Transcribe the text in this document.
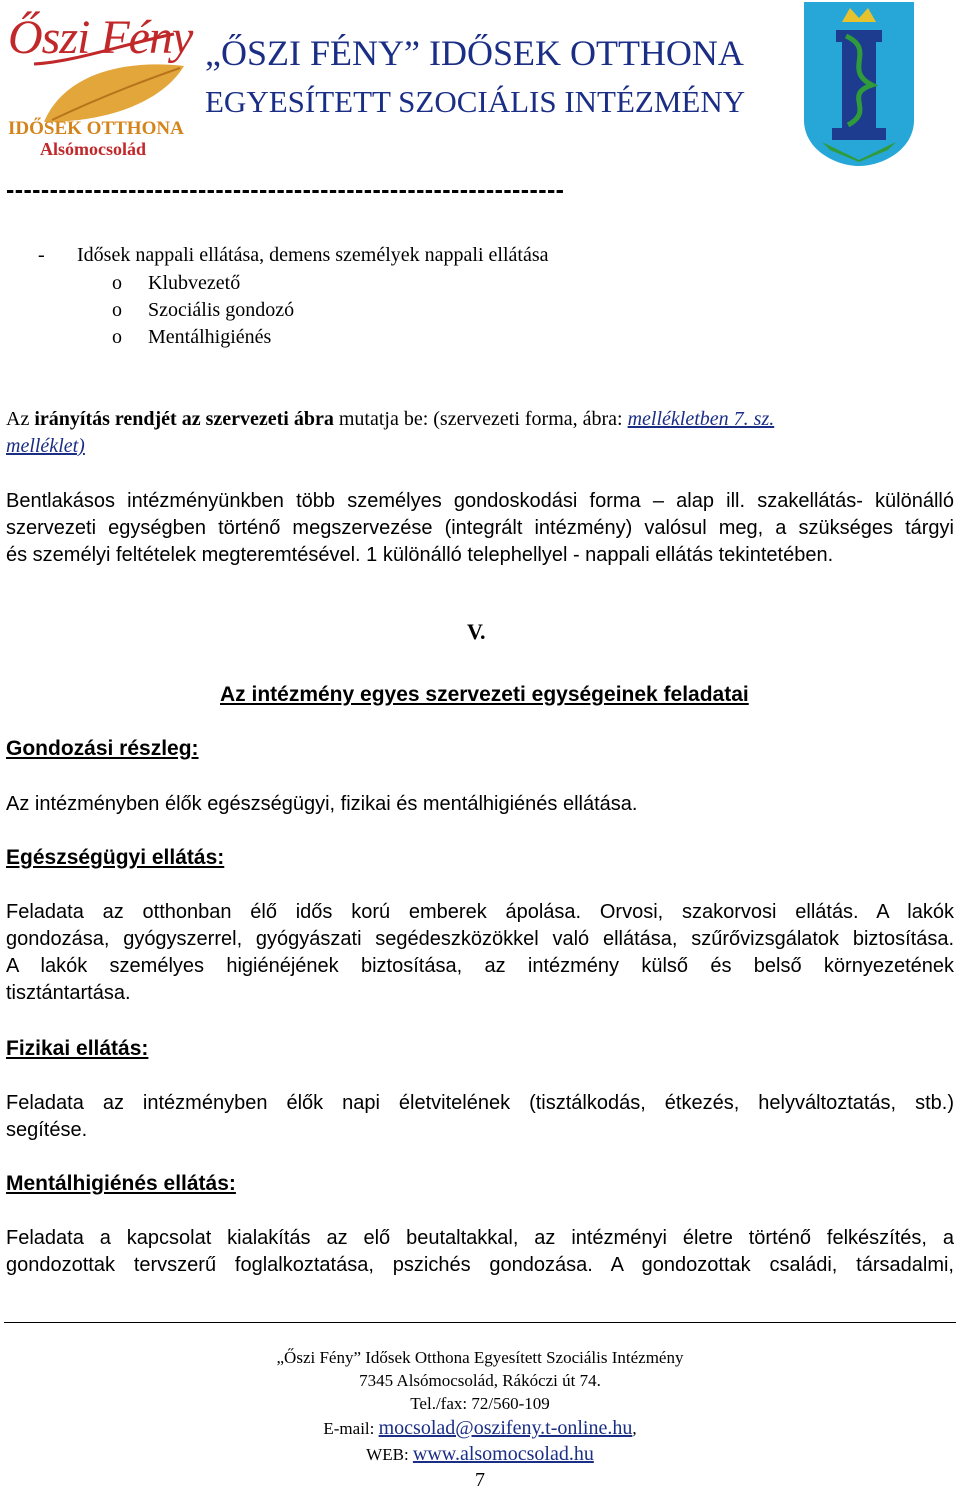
Őszi Fény
IDŐSEK OTTHONA
Alsómocsolád
„ŐSZI FÉNY” IDŐSEK OTTHONA
EGYESÍTETT SZOCIÁLIS INTÉZMÉNY
----------------------------------------------------------------
- Idősek nappali ellátása, demens személyek nappali ellátása
o Klubvezető
o Szociális gondozó
o Mentálhigiénés
Az irányítás rendjét az szervezeti ábra mutatja be: (szervezeti forma, ábra: mellékletben 7. sz.
melléklet)
Bentlakásos intézményünkben több személyes gondoskodási forma – alap ill. szakellátás- különálló
szervezeti egységben történő megszervezése (integrált intézmény) valósul meg, a szükséges tárgyi
és személyi feltételek megteremtésével. 1 különálló telephellyel - nappali ellátás tekintetében.
V.
Az intézmény egyes szervezeti egységeinek feladatai
Gondozási részleg:
Az intézményben élők egészségügyi, fizikai és mentálhigiénés ellátása.
Egészségügyi ellátás:
Feladata az otthonban élő idős korú emberek ápolása. Orvosi, szakorvosi ellátás. A lakók
gondozása, gyógyszerrel, gyógyászati segédeszközökkel való ellátása, szűrővizsgálatok biztosítása.
A lakók személyes higiénéjének biztosítása, az intézmény külső és belső környezetének
tisztántartása.
Fizikai ellátás:
Feladata az intézményben élők napi életvitelének (tisztálkodás, étkezés, helyváltoztatás, stb.)
segítése.
Mentálhigiénés ellátás:
Feladata a kapcsolat kialakítás az elő beutaltakkal, az intézményi életre történő felkészítés, a
gondozottak tervszerű foglalkoztatása, pszichés gondozása. A gondozottak családi, társadalmi,
„Őszi Fény” Idősek Otthona Egyesített Szociális Intézmény
7345 Alsómocsolád, Rákóczi út 74.
Tel./fax: 72/560-109
E-mail: mocsolad@oszifeny.t-online.hu,
WEB: www.alsomocsolad.hu
7
